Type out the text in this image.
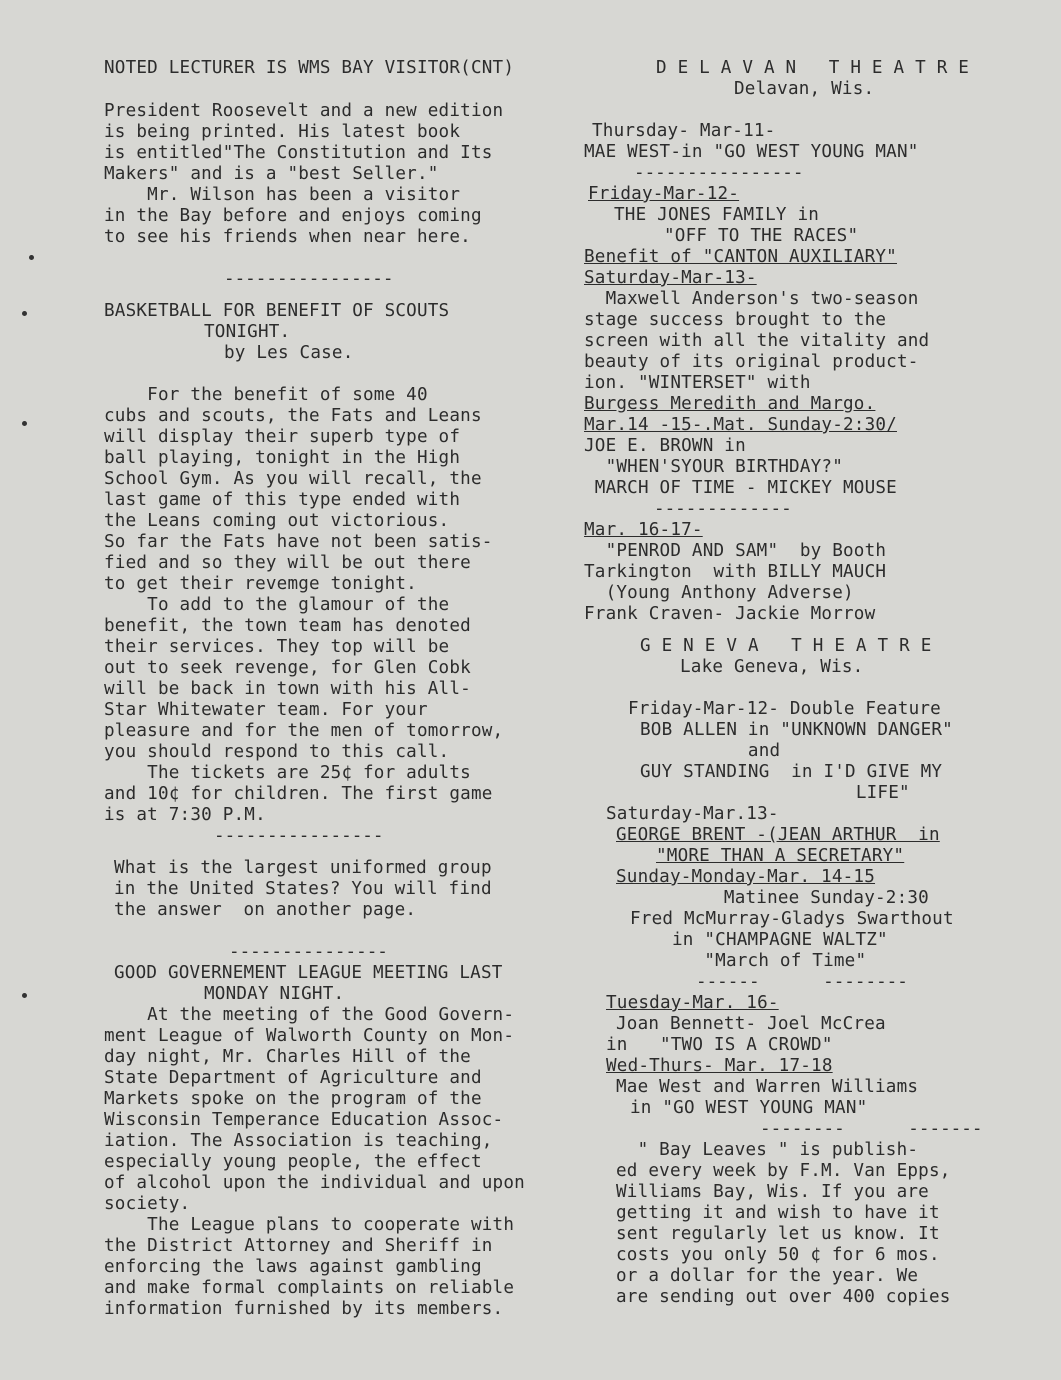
NOTED LECTURER IS WMS BAY VISITOR(CNT)
President Roosevelt and a new edition
is being printed. His latest book
is entitled"The Constitution and Its
Makers" and is a "best Seller."
Mr. Wilson has been a visitor
in the Bay before and enjoys coming
to see his friends when near here.
----------------
BASKETBALL FOR BENEFIT OF SCOUTS
TONIGHT.
by Les Case.
For the benefit of some 40
cubs and scouts, the Fats and Leans
will display their superb type of
ball playing, tonight in the High
School Gym. As you will recall, the
last game of this type ended with
the Leans coming out victorious.
So far the Fats have not been satis-
fied and so they will be out there
to get their revemge tonight.
To add to the glamour of the
benefit, the town team has denoted
their services. They top will be
out to seek revenge, for Glen Cobk
will be back in town with his All-
Star Whitewater team. For your
pleasure and for the men of tomorrow,
you should respond to this call.
The tickets are 25¢ for adults
and 10¢ for children. The first game
is at 7:30 P.M.
----------------
What is the largest uniformed group
in the United States? You will find
the answer  on another page.
---------------
GOOD GOVERNEMENT LEAGUE MEETING LAST
MONDAY NIGHT.
At the meeting of the Good Govern-
ment League of Walworth County on Mon-
day night, Mr. Charles Hill of the
State Department of Agriculture and
Markets spoke on the program of the
Wisconsin Temperance Education Assoc-
iation. The Association is teaching,
especially young people, the effect
of alcohol upon the individual and upon
society.
The League plans to cooperate with
the District Attorney and Sheriff in
enforcing the laws against gambling
and make formal complaints on reliable
information furnished by its members.
DELAVAN THEATRE
Delavan, Wis.
Thursday- Mar-11-
MAE WEST-in "GO WEST YOUNG MAN"
----------------
Friday-Mar-12-
THE JONES FAMILY in
"OFF TO THE RACES"
Benefit of "CANTON AUXILIARY"
Saturday-Mar-13-
Maxwell Anderson's two-season
stage success brought to the
screen with all the vitality and
beauty of its original product-
ion. "WINTERSET" with
Burgess Meredith and Margo.
Mar.14 -15-.Mat. Sunday-2:30/
JOE E. BROWN in
"WHEN'SYOUR BIRTHDAY?"
MARCH OF TIME - MICKEY MOUSE
-------------
Mar. 16-17-
"PENROD AND SAM"  by Booth
Tarkington  with BILLY MAUCH
(Young Anthony Adverse)
Frank Craven- Jackie Morrow
GENEVA THEATRE
Lake Geneva, Wis.
Friday-Mar-12- Double Feature
BOB ALLEN in "UNKNOWN DANGER"
and
GUY STANDING  in I'D GIVE MY
LIFE"
Saturday-Mar.13-
GEORGE BRENT -(JEAN ARTHUR  in
"MORE THAN A SECRETARY"
Sunday-Monday-Mar. 14-15
Matinee Sunday-2:30
Fred McMurray-Gladys Swarthout
in "CHAMPAGNE WALTZ"
"March of Time"
------      --------
Tuesday-Mar. 16-
Joan Bennett- Joel McCrea
in   "TWO IS A CROWD"
Wed-Thurs- Mar. 17-18
Mae West and Warren Williams
in "GO WEST YOUNG MAN"
--------      -------
" Bay Leaves " is publish-
ed every week by F.M. Van Epps,
Williams Bay, Wis. If you are
getting it and wish to have it
sent regularly let us know. It
costs you only 50 ¢ for 6 mos.
or a dollar for the year. We
are sending out over 400 copies
